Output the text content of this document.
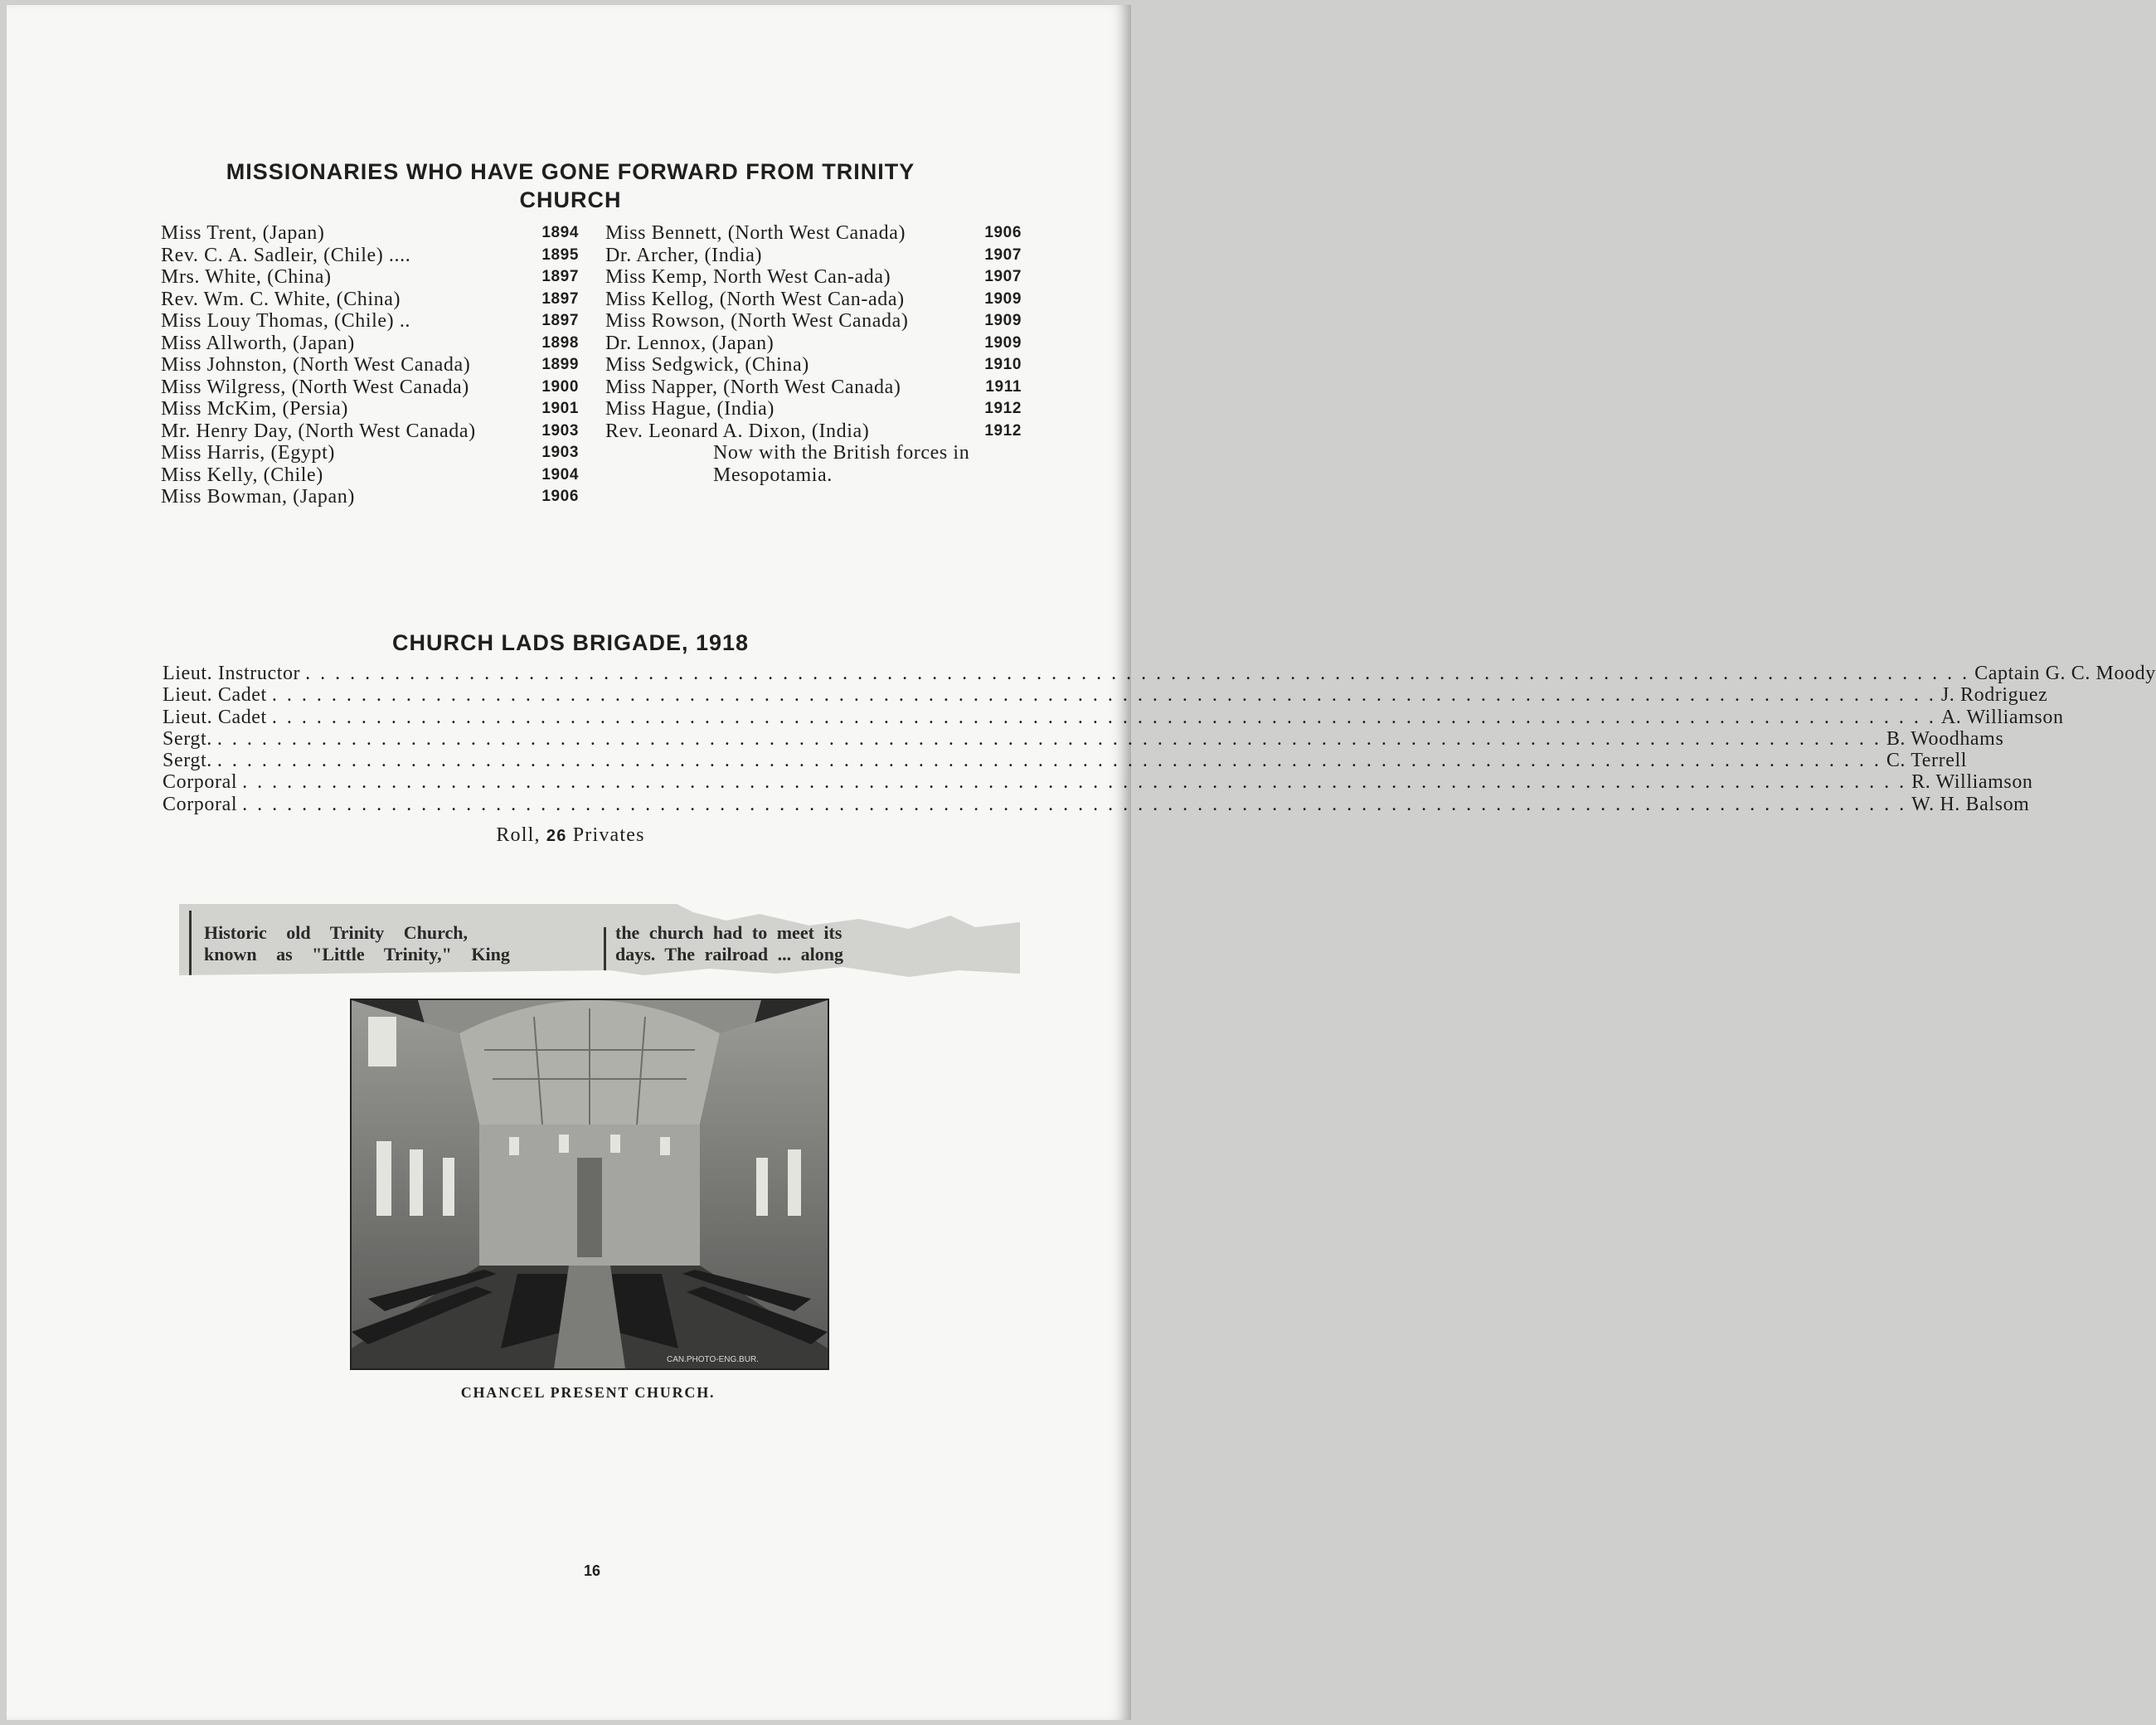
MISSIONARIES WHO HAVE GONE FORWARD FROM TRINITY
CHURCH
Miss Trent, (Japan)	1894
Rev. C. A. Sadleir, (Chile) ....	1895
Mrs. White, (China)	1897
Rev. Wm. C. White, (China)	1897
Miss Louy Thomas, (Chile) ..	1897
Miss Allworth, (Japan)	1898
Miss Johnston, (North West Canada)	1899
Miss Wilgress, (North West Canada)	1900
Miss McKim, (Persia)	1901
Mr. Henry Day, (North West Canada)	1903
Miss Harris, (Egypt)	1903
Miss Kelly, (Chile)	1904
Miss Bowman, (Japan)	1906
Miss Bennett, (North West Canada)	1906
Dr. Archer, (India)	1907
Miss Kemp, North West Can-ada)	1907
Miss Kellog, (North West Can-ada)	1909
Miss Rowson, (North West Canada)	1909
Dr. Lennox, (Japan)	1909
Miss Sedgwick, (China)	1910
Miss Napper, (North West Canada)	1911
Miss Hague, (India)	1912
Rev. Leonard A. Dixon, (India)	1912
Now with the British forces in Mesopotamia.
CHURCH LADS BRIGADE, 1918
Lieut. Instructor . . . . . . . . . . . . . . . . . . . . . . . . . . . . . . . . . . . . . . . . . . . . . . . . . . . . . . . . . . . . . . . . . . . . . . . . . . . . . . . . . . . . . . . . . . . . . . . . . . . . . . . . . . . . . . . . Captain G. C. Moody
Lieut. Cadet . . . . . . . . . . . . . . . . . . . . . . . . . . . . . . . . . . . . . . . . . . . . . . . . . . . . . . . . . . . . . . . . . . . . . . . . . . . . . . . . . . . . . . . . . . . . . . . . . . . . . . . . . . . . . . . . J. Rodriguez
Lieut. Cadet . . . . . . . . . . . . . . . . . . . . . . . . . . . . . . . . . . . . . . . . . . . . . . . . . . . . . . . . . . . . . . . . . . . . . . . . . . . . . . . . . . . . . . . . . . . . . . . . . . . . . . . . . . . . . . . . A. Williamson
Sergt. . . . . . . . . . . . . . . . . . . . . . . . . . . . . . . . . . . . . . . . . . . . . . . . . . . . . . . . . . . . . . . . . . . . . . . . . . . . . . . . . . . . . . . . . . . . . . . . . . . . . . . . . . . . . . . . . B. Woodhams
Sergt. . . . . . . . . . . . . . . . . . . . . . . . . . . . . . . . . . . . . . . . . . . . . . . . . . . . . . . . . . . . . . . . . . . . . . . . . . . . . . . . . . . . . . . . . . . . . . . . . . . . . . . . . . . . . . . . . C. Terrell
Corporal . . . . . . . . . . . . . . . . . . . . . . . . . . . . . . . . . . . . . . . . . . . . . . . . . . . . . . . . . . . . . . . . . . . . . . . . . . . . . . . . . . . . . . . . . . . . . . . . . . . . . . . . . . . . . . . . R. Williamson
Corporal . . . . . . . . . . . . . . . . . . . . . . . . . . . . . . . . . . . . . . . . . . . . . . . . . . . . . . . . . . . . . . . . . . . . . . . . . . . . . . . . . . . . . . . . . . . . . . . . . . . . . . . . . . . . . . . . W. H. Balsom
Roll, 26 Privates
Historic old Trinity Church,
known as "Little Trinity," King
the church had to meet its
days. The railroad ... along
CAN.PHOTO-ENG.BUR.
CHANCEL PRESENT CHURCH.
16
